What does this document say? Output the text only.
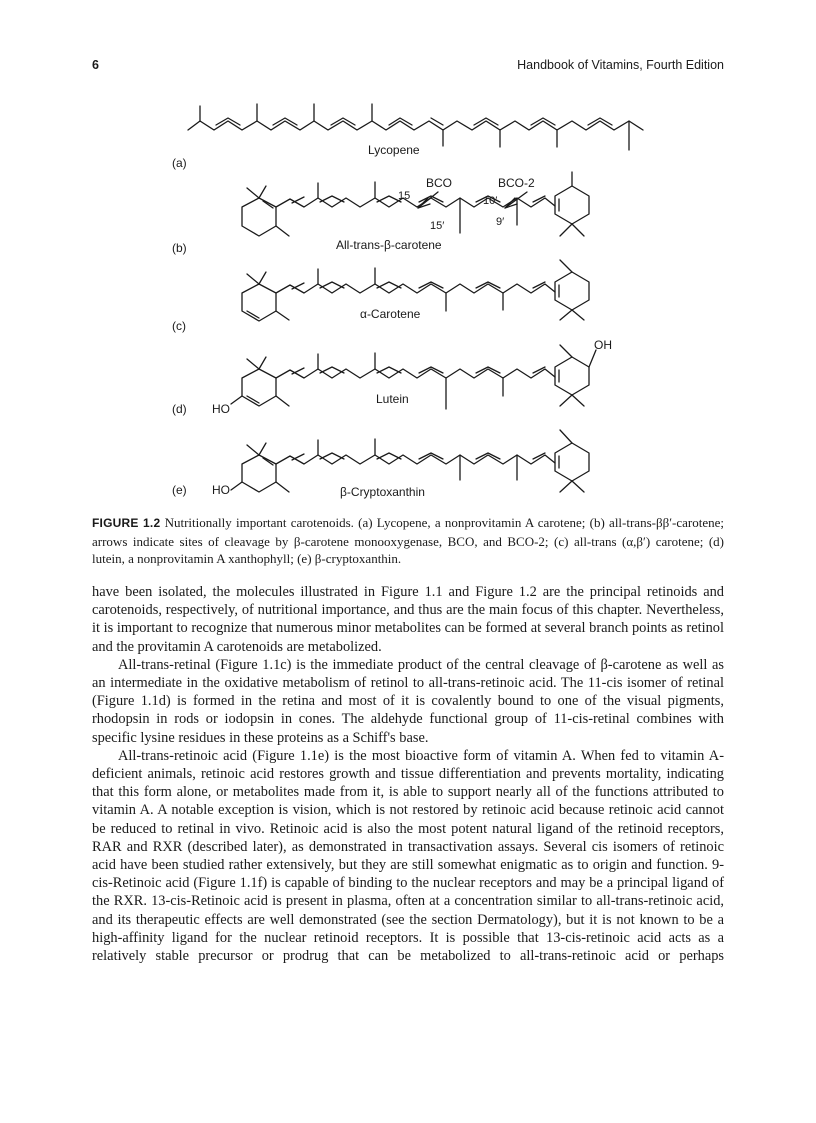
6	Handbook of Vitamins, Fourth Edition
(a)
Lycopene
(b)	All-trans-β-carotene
BCO	BCO-2
15
15′
10′
9′
(c)
α-Carotene
(d)
Lutein
OH
HO
(e)	β-Cryptoxanthin
HO
FIGURE 1.2 Nutritionally important carotenoids. (a) Lycopene, a nonprovitamin A carotene; (b) all-trans-ββ′-carotene; arrows indicate sites of cleavage by β-carotene monooxygenase, BCO, and BCO-2; (c) all-trans (α,β′) carotene; (d) lutein, a nonprovitamin A xanthophyll; (e) β-cryptoxanthin.

have been isolated, the molecules illustrated in Figure 1.1 and Figure 1.2 are the principal retinoids and carotenoids, respectively, of nutritional importance, and thus are the main focus of this chapter. Nevertheless, it is important to recognize that numerous minor metabolites can be formed at several branch points as retinol and the provitamin A carotenoids are metabolized.

All-trans-retinal (Figure 1.1c) is the immediate product of the central cleavage of β-carotene as well as an intermediate in the oxidative metabolism of retinol to all-trans-retinoic acid. The 11-cis isomer of retinal (Figure 1.1d) is formed in the retina and most of it is covalently bound to one of the visual pigments, rhodopsin in rods or iodopsin in cones. The aldehyde functional group of 11-cis-retinal combines with specific lysine residues in these proteins as a Schiff's base.

All-trans-retinoic acid (Figure 1.1e) is the most bioactive form of vitamin A. When fed to vitamin A-deficient animals, retinoic acid restores growth and tissue differentiation and prevents mortality, indicating that this form alone, or metabolites made from it, is able to support nearly all of the functions attributed to vitamin A. A notable exception is vision, which is not restored by retinoic acid because retinoic acid cannot be reduced to retinal in vivo. Retinoic acid is also the most potent natural ligand of the retinoid receptors, RAR and RXR (described later), as demonstrated in transactivation assays. Several cis isomers of retinoic acid have been studied rather extensively, but they are still somewhat enigmatic as to origin and function. 9-cis-Retinoic acid (Figure 1.1f) is capable of binding to the nuclear receptors and may be a principal ligand of the RXR. 13-cis-Retinoic acid is present in plasma, often at a concentration similar to all-trans-retinoic acid, and its therapeutic effects are well demonstrated (see the section Dermatology), but it is not known to be a high-affinity ligand for the nuclear retinoid receptors. It is possible that 13-cis-retinoic acid acts as a relatively stable precursor or prodrug that can be metabolized to all-trans-retinoic acid or perhaps
